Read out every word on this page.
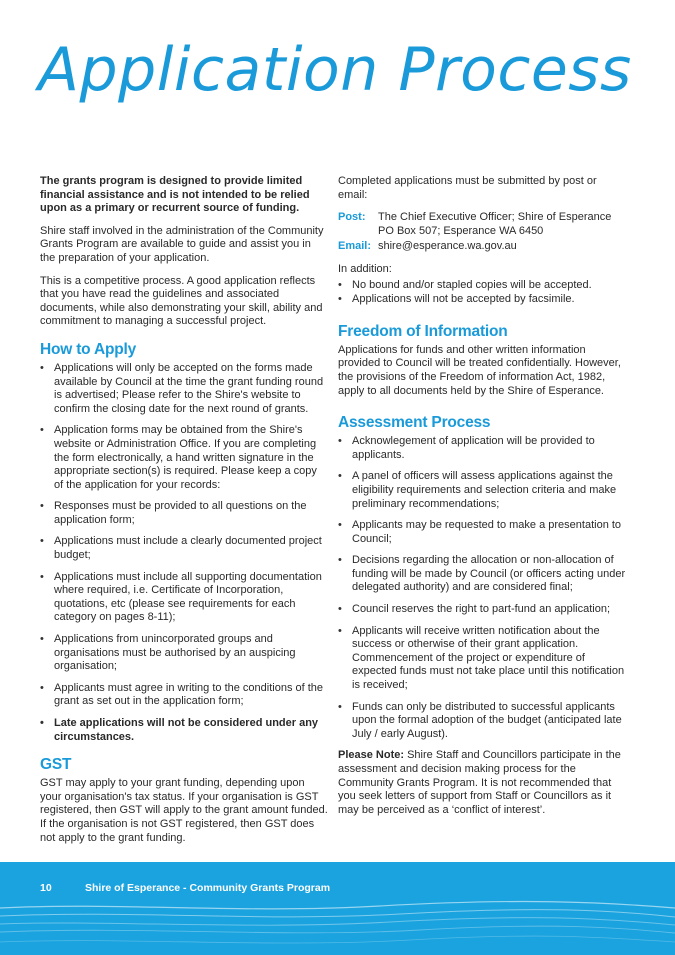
Application Process

The grants program is designed to provide limited financial assistance and is not intended to be relied upon as a primary or recurrent source of funding.

Shire staff involved in the administration of the Community Grants Program are available to guide and assist you in the preparation of your application.

This is a competitive process. A good application reflects that you have read the guidelines and associated documents, while also demonstrating your skill, ability and commitment to managing a successful project.

How to Apply
• Applications will only be accepted on the forms made available by Council at the time the grant funding round is advertised; Please refer to the Shire's website to confirm the closing date for the next round of grants.
• Application forms may be obtained from the Shire's website or Administration Office. If you are completing the form electronically, a hand written signature in the appropriate section(s) is required. Please keep a copy of the application for your records:
• Responses must be provided to all questions on the application form;
• Applications must include a clearly documented project budget;
• Applications must include all supporting documentation where required, i.e. Certificate of Incorporation, quotations, etc (please see requirements for each category on pages 8-11);
• Applications from unincorporated groups and organisations must be authorised by an auspicing organisation;
• Applicants must agree in writing to the conditions of the grant as set out in the application form;
• Late applications will not be considered under any circumstances.
GST

GST may apply to your grant funding, depending upon your organisation's tax status. If your organisation is GST registered, then GST will apply to the grant amount funded. If the organisation is not GST registered, then GST does not apply to the grant funding.

Completed applications must be submitted by post or email:

Post:	The Chief Executive Officer; Shire of Esperance
PO Box 507; Esperance WA 6450
Email: shire@esperance.wa.gov.au

In addition:

• No bound and/or stapled copies will be accepted.
• Applications will not be accepted by facsimile.
Freedom of Information

Applications for funds and other written information provided to Council will be treated confidentially. However, the provisions of the Freedom of information Act, 1982, apply to all documents held by the Shire of Esperance.

Assessment Process
• Acknowlegement of application will be provided to applicants.
• A panel of officers will assess applications against the eligibility requirements and selection criteria and make preliminary recommendations;
• Applicants may be requested to make a presentation to Council;
• Decisions regarding the allocation or non-allocation of funding will be made by Council (or officers acting under delegated authority) and are considered final;
• Council reserves the right to part-fund an application;
• Applicants will receive written notification about the success or otherwise of their grant application. Commencement of the project or expenditure of expected funds must not take place until this notification is received;
• Funds can only be distributed to successful applicants upon the formal adoption of the budget (anticipated late July / early August).

Please Note: Shire Staff and Councillors participate in the assessment and decision making process for the Community Grants Program. It is not recommended that you seek letters of support from Staff or Councillors as it may be perceived as a ‘conflict of interest’.

10	Shire of Esperance - Community Grants Program
